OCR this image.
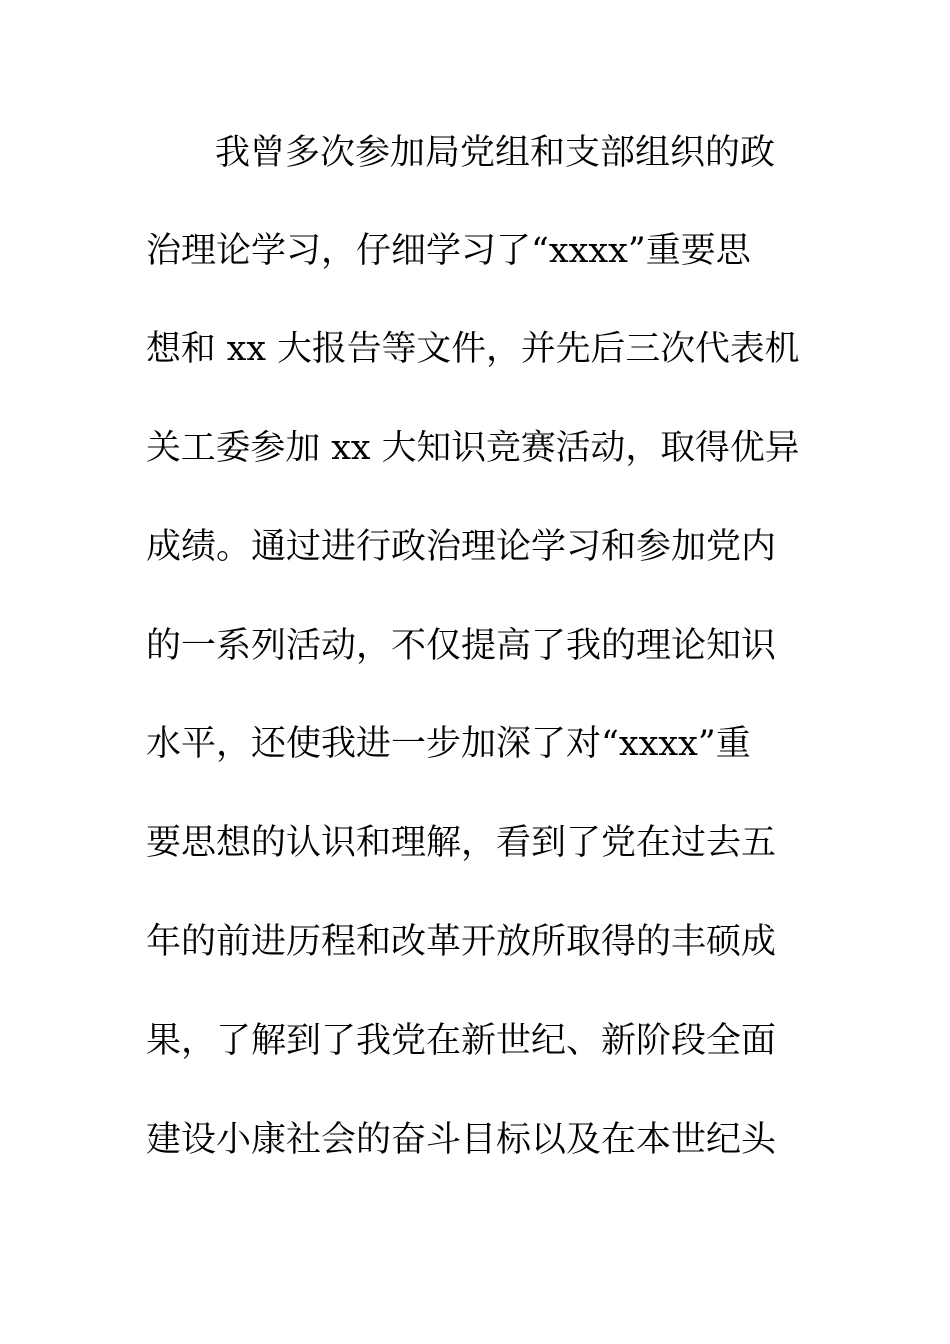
我曾多次参加局党组和支部组织的政
治理论学习，仔细学习了“xxxx”重要思
想和 xx 大报告等文件，并先后三次代表机
关工委参加 xx 大知识竞赛活动，取得优异
成绩。通过进行政治理论学习和参加党内
的一系列活动，不仅提高了我的理论知识
水平，还使我进一步加深了对“xxxx”重
要思想的认识和理解，看到了党在过去五
年的前进历程和改革开放所取得的丰硕成
果，了解到了我党在新世纪、新阶段全面
建设小康社会的奋斗目标以及在本世纪头
